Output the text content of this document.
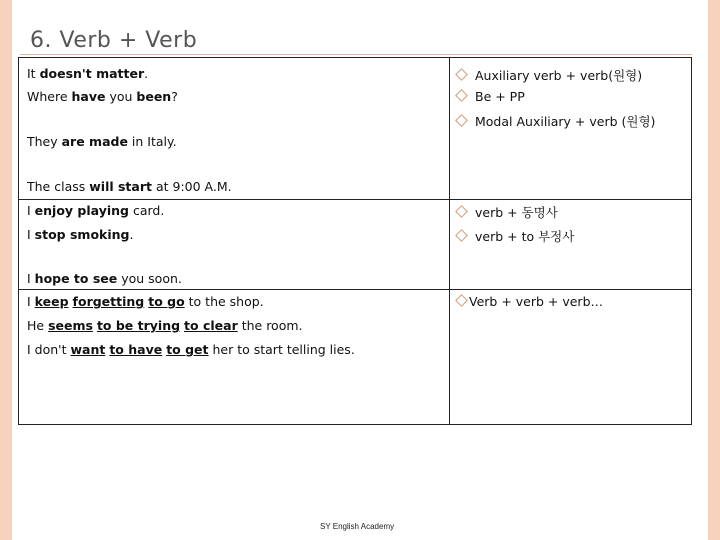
6. Verb + Verb
It doesn't matter.
Where have you been?
They are made in Italy.
The class will start at 9:00 A.M.
Auxiliary verb + verb(원형)
Be + PP
Modal Auxiliary + verb (원형)
I enjoy playing card.
I stop smoking.
I hope to see you soon.
verb + 동명사
verb + to 부정사
I keep forgetting to go to the shop.
He seems to be trying to clear the room.
I don't want to have to get her to start telling lies.
Verb + verb + verb…
SY English Academy
